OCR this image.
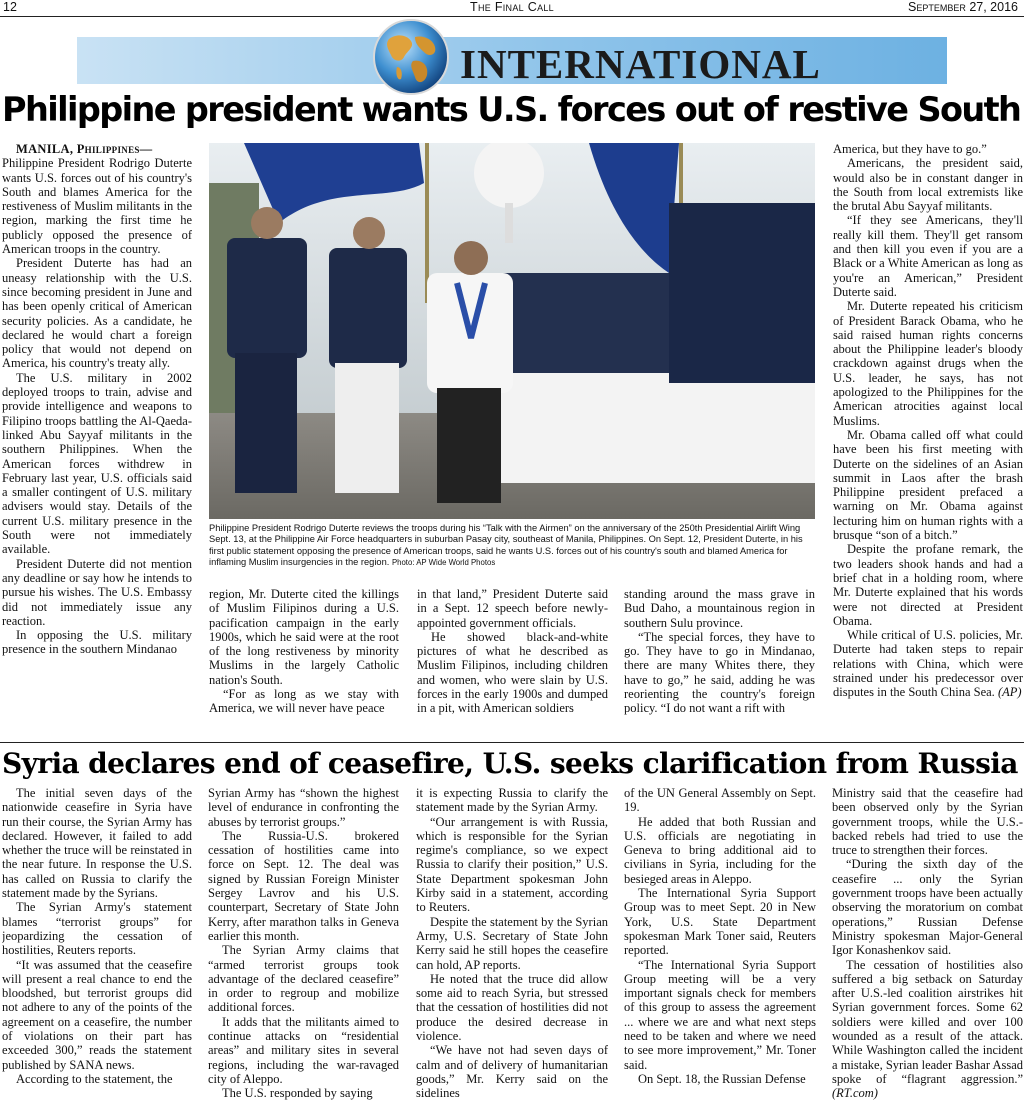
12	The Final Call	September 27, 2016
INTERNATIONAL
Philippine president wants U.S. forces out of restive South

MANILA, Philippines—

Philippine President Rodrigo Duterte wants U.S. forces out of his country's South and blames America for the restiveness of Muslim militants in the region, marking the first time he publicly opposed the presence of American troops in the country.

President Duterte has had an uneasy relationship with the U.S. since becoming president in June and has been openly critical of American security policies. As a candidate, he declared he would chart a foreign policy that would not depend on America, his country's treaty ally.

The U.S. military in 2002 deployed troops to train, advise and provide intelligence and weapons to Filipino troops battling the Al-Qaeda-linked Abu Sayyaf militants in the southern Philippines. When the American forces withdrew in February last year, U.S. officials said a smaller contingent of U.S. military advisers would stay. Details of the current U.S. military presence in the South were not immediately available.

President Duterte did not mention any deadline or say how he intends to pursue his wishes. The U.S. Embassy did not immediately issue any reaction.

In opposing the U.S. military presence in the southern Mindanao

Philippine President Rodrigo Duterte reviews the troops during his “Talk with the Airmen” on the anniversary of the 250th Presidential Airlift Wing Sept. 13, at the Philippine Air Force headquarters in suburban Pasay city, southeast of Manila, Philippines. On Sept. 12, President Duterte, in his first public statement opposing the presence of American troops, said he wants U.S. forces out of his country's south and blamed America for inflaming Muslim insurgencies in the region. Photo: AP Wide World Photos

region, Mr. Duterte cited the killings of Muslim Filipinos during a U.S. pacification campaign in the early 1900s, which he said were at the root of the long restiveness by minority Muslims in the largely Catholic nation's South.

“For as long as we stay with America, we will never have peace

in that land,” President Duterte said in a Sept. 12 speech before newly-appointed government officials.

He showed black-and-white pictures of what he described as Muslim Filipinos, including children and women, who were slain by U.S. forces in the early 1900s and dumped in a pit, with American soldiers

standing around the mass grave in Bud Daho, a mountainous region in southern Sulu province.

“The special forces, they have to go. They have to go in Mindanao, there are many Whites there, they have to go,” he said, adding he was reorienting the country's foreign policy. “I do not want a rift with

America, but they have to go.”

Americans, the president said, would also be in constant danger in the South from local extremists like the brutal Abu Sayyaf militants.

“If they see Americans, they'll really kill them. They'll get ransom and then kill you even if you are a Black or a White American as long as you're an American,” President Duterte said.

Mr. Duterte repeated his criticism of President Barack Obama, who he said raised human rights concerns about the Philippine leader's bloody crackdown against drugs when the U.S. leader, he says, has not apologized to the Philippines for the American atrocities against local Muslims.

Mr. Obama called off what could have been his first meeting with Duterte on the sidelines of an Asian summit in Laos after the brash Philippine president prefaced a warning on Mr. Obama against lecturing him on human rights with a brusque “son of a bitch.”

Despite the profane remark, the two leaders shook hands and had a brief chat in a holding room, where Mr. Duterte explained that his words were not directed at President Obama.

While critical of U.S. policies, Mr. Duterte had taken steps to repair relations with China, which were strained under his predecessor over disputes in the South China Sea. (AP)

Syria declares end of ceasefire, U.S. seeks clarification from Russia

The initial seven days of the nationwide ceasefire in Syria have run their course, the Syrian Army has declared. However, it failed to add whether the truce will be reinstated in the near future. In response the U.S. has called on Russia to clarify the statement made by the Syrians.

The Syrian Army's statement blames “terrorist groups” for jeopardizing the cessation of hostilities, Reuters reports.

“It was assumed that the ceasefire will present a real chance to end the bloodshed, but terrorist groups did not adhere to any of the points of the agreement on a ceasefire, the number of violations on their part has exceeded 300,” reads the statement published by SANA news.

According to the statement, the

Syrian Army has “shown the highest level of endurance in confronting the abuses by terrorist groups.”

The Russia-U.S. brokered cessation of hostilities came into force on Sept. 12. The deal was signed by Russian Foreign Minister Sergey Lavrov and his U.S. counterpart, Secretary of State John Kerry, after marathon talks in Geneva earlier this month.

The Syrian Army claims that “armed terrorist groups took advantage of the declared ceasefire” in order to regroup and mobilize additional forces.

It adds that the militants aimed to continue attacks on “residential areas” and military sites in several regions, including the war-ravaged city of Aleppo.

The U.S. responded by saying

it is expecting Russia to clarify the statement made by the Syrian Army.

“Our arrangement is with Russia, which is responsible for the Syrian regime's compliance, so we expect Russia to clarify their position,” U.S. State Department spokesman John Kirby said in a statement, according to Reuters.

Despite the statement by the Syrian Army, U.S. Secretary of State John Kerry said he still hopes the ceasefire can hold, AP reports.

He noted that the truce did allow some aid to reach Syria, but stressed that the cessation of hostilities did not produce the desired decrease in violence.

“We have not had seven days of calm and of delivery of humanitarian goods,” Mr. Kerry said on the sidelines

of the UN General Assembly on Sept. 19.

He added that both Russian and U.S. officials are negotiating in Geneva to bring additional aid to civilians in Syria, including for the besieged areas in Aleppo.

The International Syria Support Group was to meet Sept. 20 in New York, U.S. State Department spokesman Mark Toner said, Reuters reported.

“The International Syria Support Group meeting will be a very important signals check for members of this group to assess the agreement ... where we are and what next steps need to be taken and where we need to see more improvement,” Mr. Toner said.

On Sept. 18, the Russian Defense

Ministry said that the ceasefire had been observed only by the Syrian government troops, while the U.S.-backed rebels had tried to use the truce to strengthen their forces.

“During the sixth day of the ceasefire ... only the Syrian government troops have been actually observing the moratorium on combat operations,” Russian Defense Ministry spokesman Major-General Igor Konashenkov said.

The cessation of hostilities also suffered a big setback on Saturday after U.S.-led coalition airstrikes hit Syrian government forces. Some 62 soldiers were killed and over 100 wounded as a result of the attack. While Washington called the incident a mistake, Syrian leader Bashar Assad spoke of “flagrant aggression.” (RT.com)
